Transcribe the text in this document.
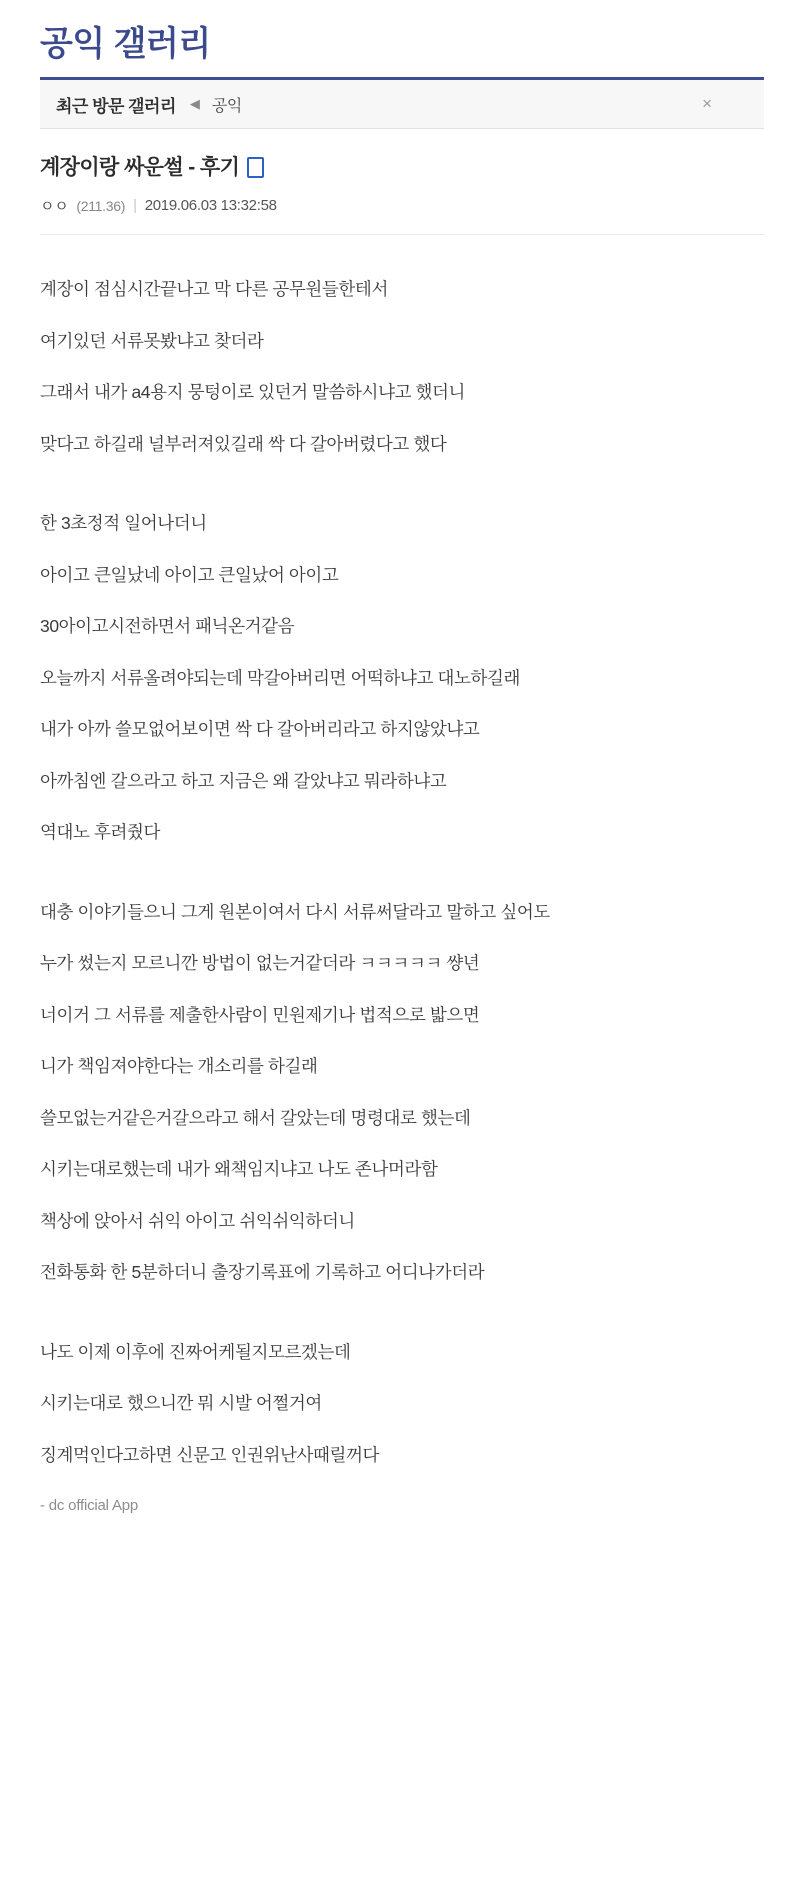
공익 갤러리
최근 방문 갤러리 ◀ 공익	×
계장이랑 싸운썰 - 후기
ㅇㅇ (211.36) | 2019.06.03 13:32:58

계장이 점심시간끝나고 막 다른 공무원들한테서

여기있던 서류못봤냐고 찾더라

그래서 내가 a4용지 뭉텅이로 있던거 말씀하시냐고 했더니

맞다고 하길래 널부러져있길래 싹 다 갈아버렸다고 했다

한 3초정적 일어나더니

아이고 큰일났네 아이고 큰일났어 아이고

30아이고시전하면서 패닉온거같음

오늘까지 서류올려야되는데 막갈아버리면 어떡하냐고 대노하길래

내가 아까 쓸모없어보이면 싹 다 갈아버리라고 하지않았냐고

아까침엔 갈으라고 하고 지금은 왜 갈았냐고 뭐라하냐고

역대노 후려줬다

대충 이야기들으니 그게 원본이여서 다시 서류써달라고 말하고 싶어도

누가 썼는지 모르니깐 방법이 없는거같더라 ㅋㅋㅋㅋㅋ 썅년

너이거 그 서류를 제출한사람이 민원제기나 법적으로 밟으면

니가 책임져야한다는 개소리를 하길래

쓸모없는거같은거갈으라고 해서 갈았는데 명령대로 했는데

시키는대로했는데 내가 왜책임지냐고 나도 존나머라함

책상에 앉아서 쉬익 아이고 쉬익쉬익하더니

전화통화 한 5분하더니 출장기록표에 기록하고 어디나가더라

나도 이제 이후에 진짜어케될지모르겠는데

시키는대로 했으니깐 뭐 시발 어쩔거여

징계먹인다고하면 신문고 인권위난사때릴꺼다

- dc official App
